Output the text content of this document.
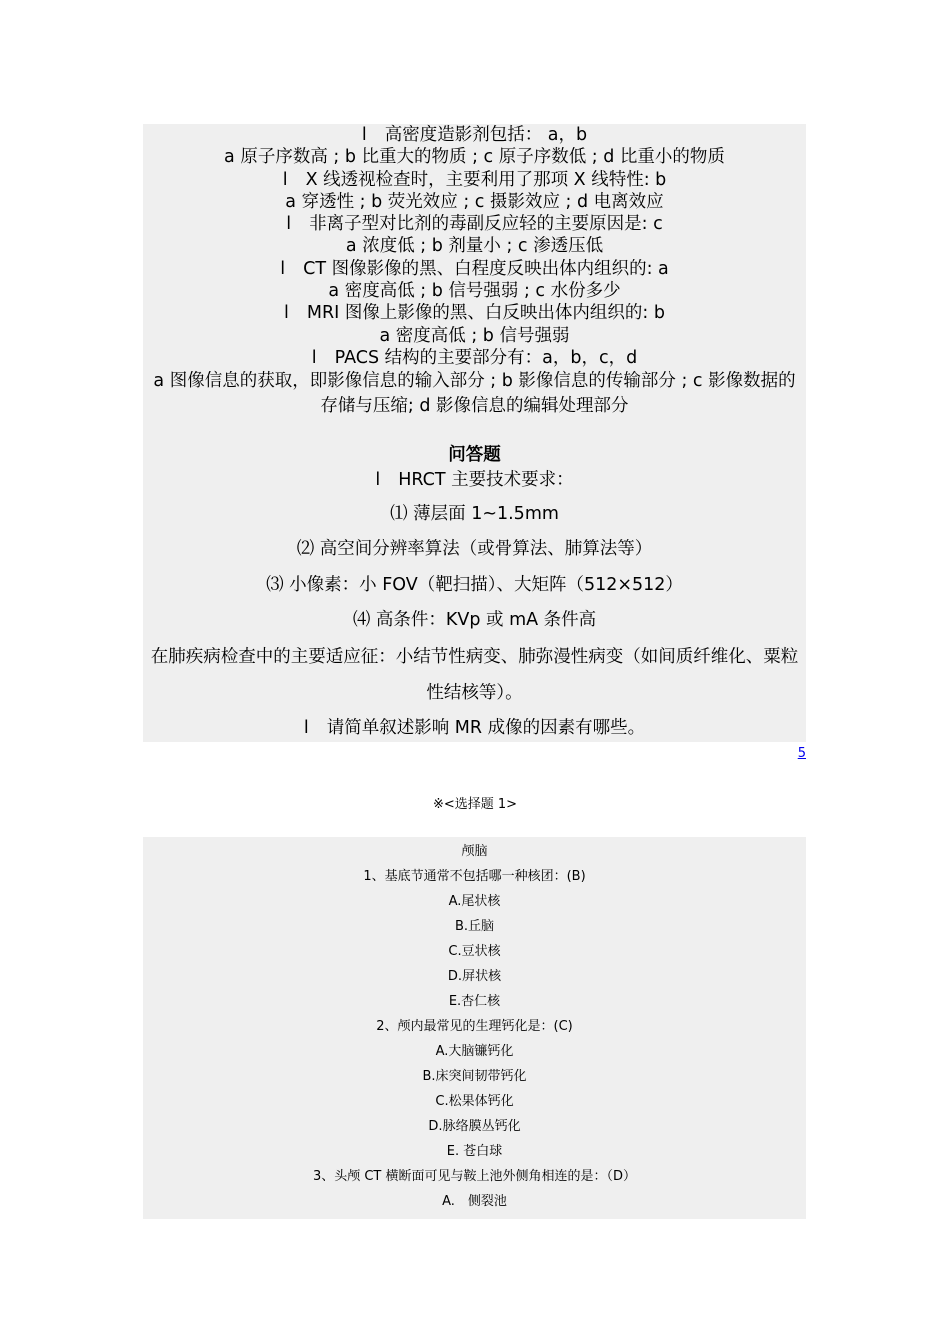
l 高密度造影剂包括： a，b
a 原子序数高 ; b 比重大的物质 ; c 原子序数低 ; d 比重小的物质
l X 线透视检查时，主要利用了那项 X 线特性: b
a 穿透性 ; b 荧光效应 ; c 摄影效应 ; d 电离效应
l 非离子型对比剂的毒副反应轻的主要原因是: c
a 浓度低 ; b 剂量小 ; c 渗透压低
l CT 图像影像的黑、白程度反映出体内组织的: a
a 密度高低 ; b 信号强弱 ; c 水份多少
l MRI 图像上影像的黑、白反映出体内组织的: b
a 密度高低 ; b 信号强弱
l PACS 结构的主要部分有：a，b，c，d
a 图像信息的获取，即影像信息的输入部分 ; b 影像信息的传输部分 ; c 影像数据的存储与压缩; d 影像信息的编辑处理部分
问答题
l HRCT 主要技术要求：
⑴ 薄层面 1~1.5mm
⑵ 高空间分辨率算法（或骨算法、肺算法等）
⑶ 小像素：小 FOV（靶扫描）、大矩阵（512×512）
⑷ 高条件：KVp 或 mA 条件高
在肺疾病检查中的主要适应征：小结节性病变、肺弥漫性病变（如间质纤维化、粟粒性结核等）。
l 请简单叙述影响 MR 成像的因素有哪些。
5
※<选择题 1>
颅脑
1、基底节通常不包括哪一种核团：(B)
A.尾状核
B.丘脑
C.豆状核
D.屏状核
E.杏仁核
2、颅内最常见的生理钙化是：(C)
A.大脑镰钙化
B.床突间韧带钙化
C.松果体钙化
D.脉络膜丛钙化
E. 苍白球
3、头颅 CT 横断面可见与鞍上池外侧角相连的是：（D）
A.　侧裂池
